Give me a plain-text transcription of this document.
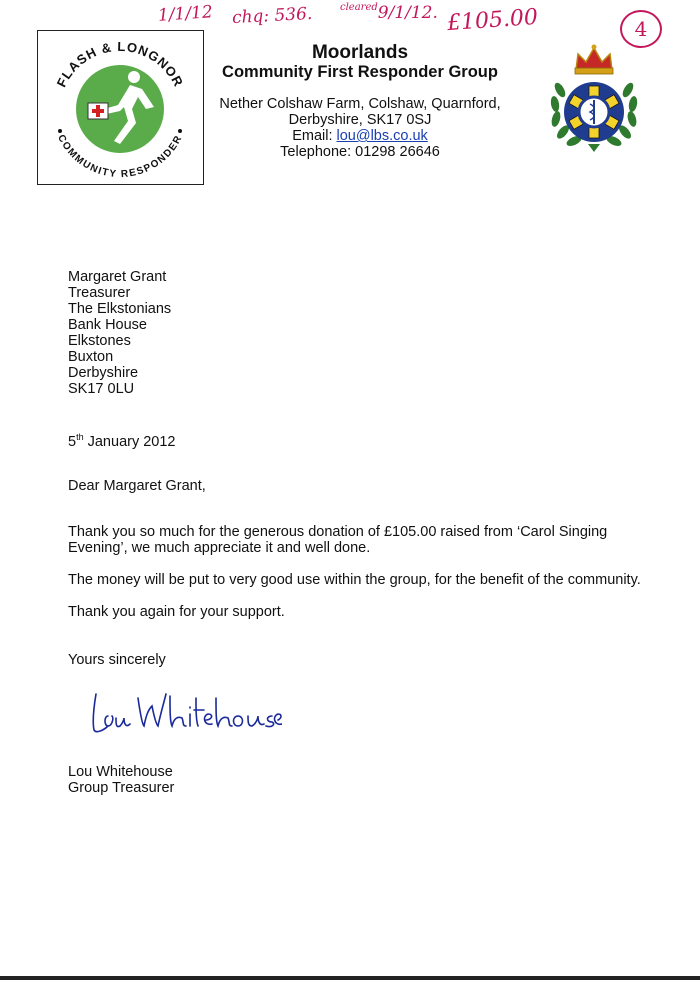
1/1/12 chq: 536.	$^{cleared}$9/1/12. £105.00	4
FLASH & LONGNOR
COMMUNITY RESPONDER
Moorlands
Community First Responder Group
Nether Colshaw Farm, Colshaw, Quarnford,
Derbyshire, SK17 0SJ
Email: lou@lbs.co.uk
Telephone: 01298 26646
Margaret Grant
Treasurer
The Elkstonians
Bank House
Elkstones
Buxton
Derbyshire
SK17 0LU
5th January 2012
Dear Margaret Grant,
Thank you so much for the generous donation of £105.00 raised from ‘Carol Singing
Evening’, we much appreciate it and well done.
The money will be put to very good use within the group, for the benefit of the community.
Thank you again for your support.
Yours sincerely
Lou Whitehouse
Group Treasurer
